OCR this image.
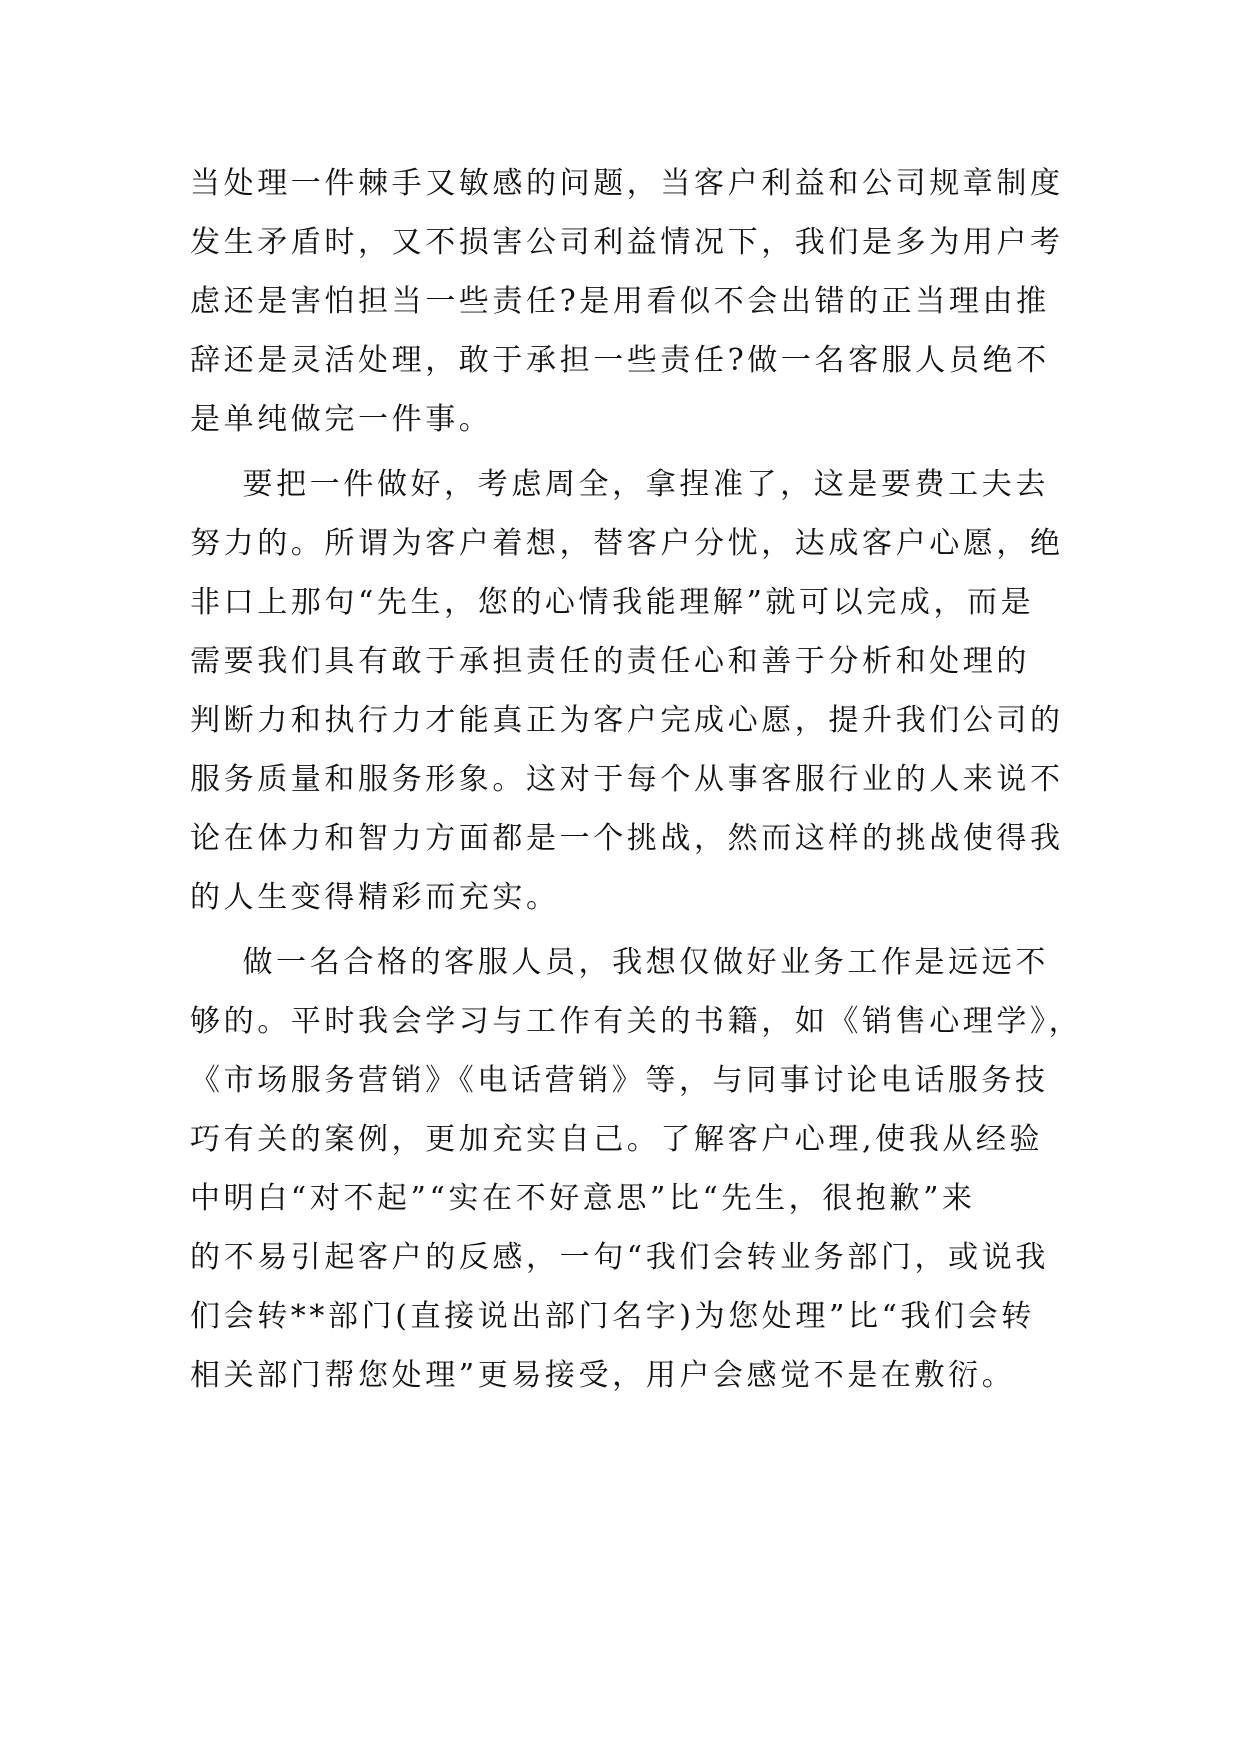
当处理一件棘手又敏感的问题，当客户利益和公司规章制度
发生矛盾时，又不损害公司利益情况下，我们是多为用户考
虑还是害怕担当一些责任?是用看似不会出错的正当理由推
辞还是灵活处理，敢于承担一些责任?做一名客服人员绝不
是单纯做完一件事。
要把一件做好，考虑周全，拿捏准了，这是要费工夫去
努力的。所谓为客户着想，替客户分忧，达成客户心愿，绝
非口上那句“先生，您的心情我能理解”就可以完成，而是
需要我们具有敢于承担责任的责任心和善于分析和处理的
判断力和执行力才能真正为客户完成心愿，提升我们公司的
服务质量和服务形象。这对于每个从事客服行业的人来说不
论在体力和智力方面都是一个挑战，然而这样的挑战使得我
的人生变得精彩而充实。
做一名合格的客服人员，我想仅做好业务工作是远远不
够的。平时我会学习与工作有关的书籍，如《销售心理学》，
《市场服务营销》《电话营销》等，与同事讨论电话服务技
巧有关的案例，更加充实自己。了解客户心理,使我从经验
中明白“对不起”“实在不好意思”比“先生，很抱歉”来
的不易引起客户的反感，一句“我们会转业务部门，或说我
们会转**部门(直接说出部门名字)为您处理”比“我们会转
相关部门帮您处理”更易接受，用户会感觉不是在敷衍。
